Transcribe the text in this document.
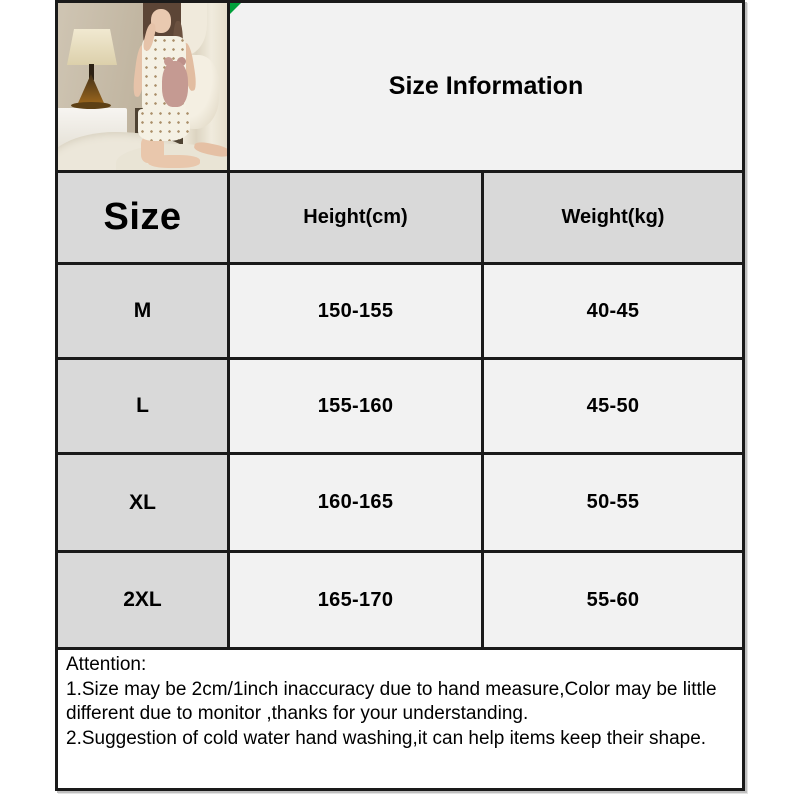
Size Information
Size	Height(cm)	Weight(kg)
M	150-155	40-45
L	155-160	45-50
XL	160-165	50-55
2XL	165-170	55-60
Attention:
1.Size may be 2cm/1inch inaccuracy due to hand measure,Color may be little different due to monitor ,thanks for your understanding.
2.Suggestion of cold water hand washing,it can help items keep their shape.
